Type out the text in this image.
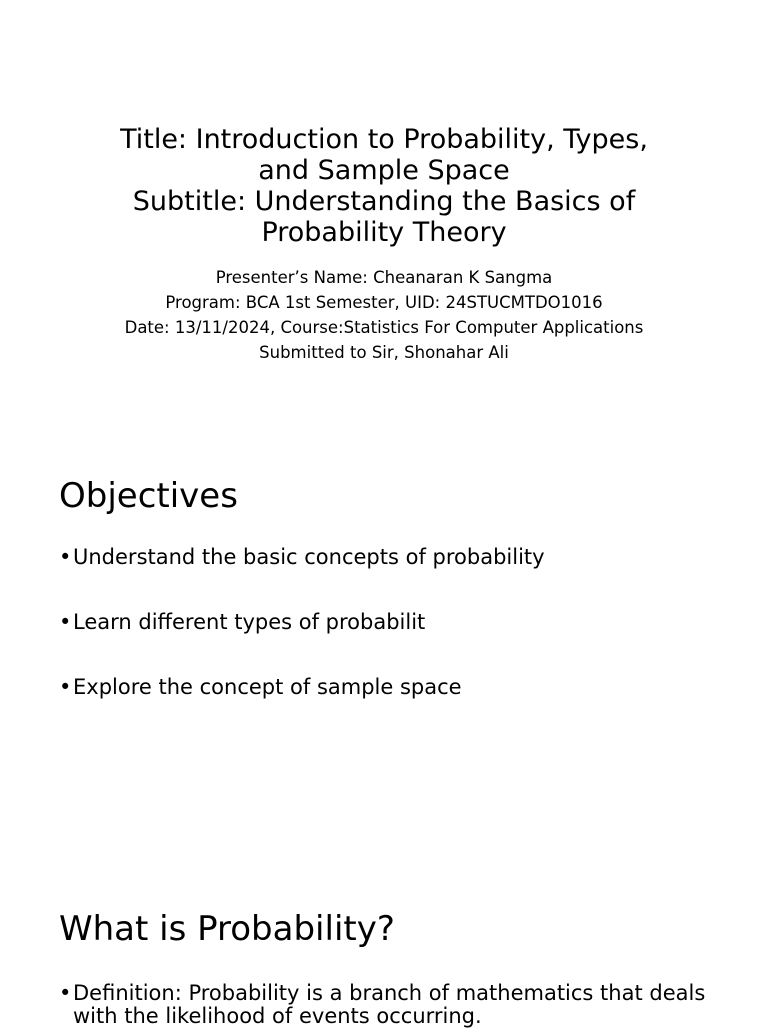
Title: Introduction to Probability, Types,
and Sample Space
Subtitle: Understanding the Basics of
Probability Theory
Presenter’s Name: Cheanaran K Sangma
Program: BCA 1st Semester, UID: 24STUCMTDO1016
Date: 13/11/2024, Course:Statistics For Computer Applications
Submitted to Sir, Shonahar Ali
Objectives
• Understand the basic concepts of probability
• Learn different types of probabilit
• Explore the concept of sample space
What is Probability?
• Definition: Probability is a branch of mathematics that deals with the likelihood of events occurring.
